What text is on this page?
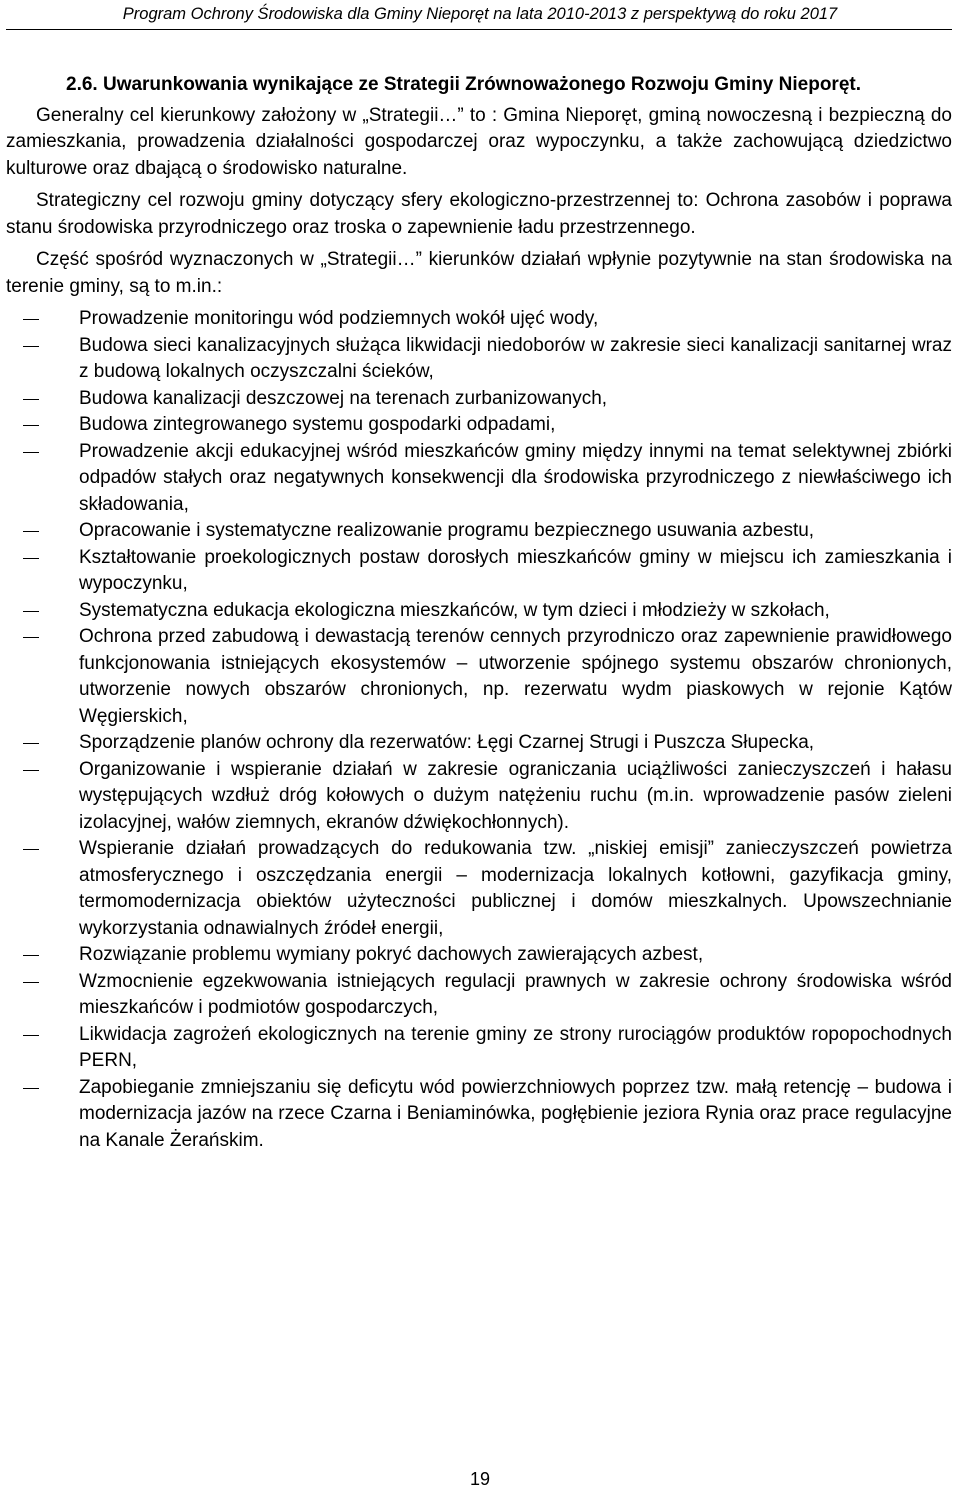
Program Ochrony Środowiska dla Gminy Nieporęt na lata 2010-2013 z perspektywą do roku 2017

2.6. Uwarunkowania wynikające ze Strategii Zrównoważonego Rozwoju Gminy Nieporęt.

Generalny cel kierunkowy założony w „Strategii…” to : Gmina Nieporęt, gminą nowoczesną i bezpieczną do zamieszkania, prowadzenia działalności gospodarczej oraz wypoczynku, a także zachowującą dziedzictwo kulturowe oraz dbającą o środowisko naturalne.

Strategiczny cel rozwoju gminy dotyczący sfery ekologiczno-przestrzennej to: Ochrona zasobów i poprawa stanu środowiska przyrodniczego oraz troska o zapewnienie ładu przestrzennego.

Część spośród wyznaczonych w „Strategii…” kierunków działań wpłynie pozytywnie na stan środowiska na terenie gminy, są to m.in.:

Prowadzenie monitoringu wód podziemnych wokół ujęć wody,
Budowa sieci kanalizacyjnych służąca likwidacji niedoborów w zakresie sieci kanalizacji sanitarnej wraz z budową lokalnych oczyszczalni ścieków,
Budowa kanalizacji deszczowej na terenach zurbanizowanych,
Budowa zintegrowanego systemu gospodarki odpadami,
Prowadzenie akcji edukacyjnej wśród mieszkańców gminy między innymi na temat selektywnej zbiórki odpadów stałych oraz negatywnych konsekwencji dla środowiska przyrodniczego z niewłaściwego ich składowania,
Opracowanie i systematyczne realizowanie programu bezpiecznego usuwania azbestu,
Kształtowanie proekologicznych postaw dorosłych mieszkańców gminy w miejscu ich zamieszkania i wypoczynku,
Systematyczna edukacja ekologiczna mieszkańców, w tym dzieci i młodzieży w szkołach,
Ochrona przed zabudową i dewastacją terenów cennych przyrodniczo oraz zapewnienie prawidłowego funkcjonowania istniejących ekosystemów – utworzenie spójnego systemu obszarów chronionych, utworzenie nowych obszarów chronionych, np. rezerwatu wydm piaskowych w rejonie Kątów Węgierskich,
Sporządzenie planów ochrony dla rezerwatów: Łęgi Czarnej Strugi i Puszcza Słupecka,
Organizowanie i wspieranie działań w zakresie ograniczania uciążliwości zanieczyszczeń i hałasu występujących wzdłuż dróg kołowych o dużym natężeniu ruchu (m.in. wprowadzenie pasów zieleni izolacyjnej, wałów ziemnych, ekranów dźwiękochłonnych).
Wspieranie działań prowadzących do redukowania tzw. „niskiej emisji” zanieczyszczeń powietrza atmosferycznego i oszczędzania energii – modernizacja lokalnych kotłowni, gazyfikacja gminy, termomodernizacja obiektów użyteczności publicznej i domów mieszkalnych. Upowszechnianie wykorzystania odnawialnych źródeł energii,
Rozwiązanie problemu wymiany pokryć dachowych zawierających azbest,
Wzmocnienie egzekwowania istniejących regulacji prawnych w zakresie ochrony środowiska wśród mieszkańców i podmiotów gospodarczych,
Likwidacja zagrożeń ekologicznych na terenie gminy ze strony rurociągów produktów ropopochodnych PERN,
Zapobieganie zmniejszaniu się deficytu wód powierzchniowych poprzez tzw. małą retencję – budowa i modernizacja jazów na rzece Czarna i Beniaminówka, pogłębienie jeziora Rynia oraz prace regulacyjne na Kanale Żerańskim.
19
